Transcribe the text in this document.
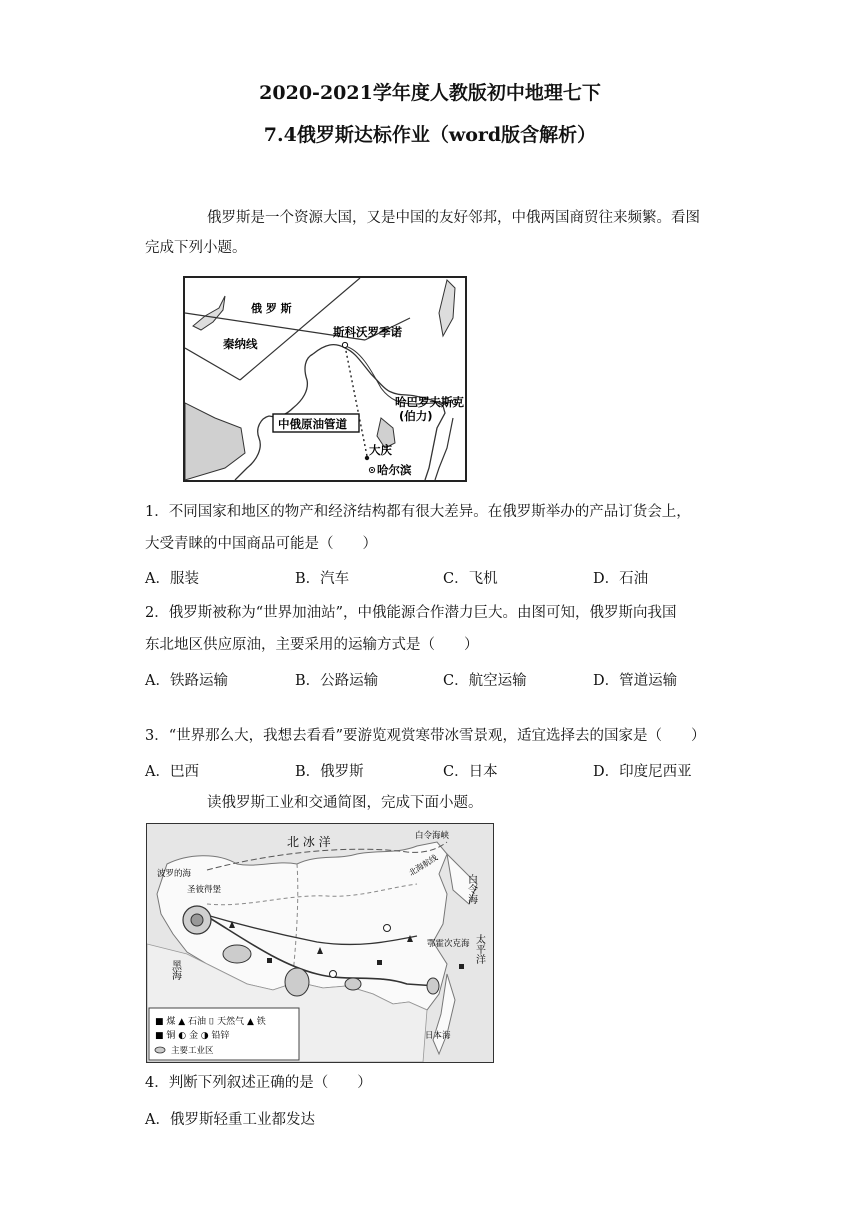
2020-2021学年度人教版初中地理七下
7.4俄罗斯达标作业（word版含解析）
俄罗斯是一个资源大国，又是中国的友好邻邦，中俄两国商贸往来频繁。看图
完成下列小题。
俄 罗 斯
秦纳线
斯科沃罗季诺
哈巴罗夫斯克
(伯力)
中俄原油管道
大庆
哈尔滨
1．不同国家和地区的物产和经济结构都有很大差异。在俄罗斯举办的产品订货会上，
大受青睐的中国商品可能是（　　）
A．服装	B．汽车	C．飞机	D．石油
2．俄罗斯被称为“世界加油站”，中俄能源合作潜力巨大。由图可知，俄罗斯向我国
东北地区供应原油，主要采用的运输方式是（　　）
A．铁路运输	B．公路运输	C．航空运输	D．管道运输
3．“世界那么大，我想去看看”要游览观赏寒带冰雪景观，适宜选择去的国家是（　　）
A．巴西	B．俄罗斯	C．日本	D．印度尼西亚
读俄罗斯工业和交通简图，完成下面小题。
■ 煤 ▲ 石油 ⌷ 天然气 ▲ 铁
■ 铜 ◐ 金 ◑ 铅锌
主要工业区
北 冰 洋	白令海峡
白令海
波罗的海
圣彼得堡
黑海
鄂霍次克海 太平洋
日本海
北海航线
4．判断下列叙述正确的是（　　）
A．俄罗斯轻重工业都发达
